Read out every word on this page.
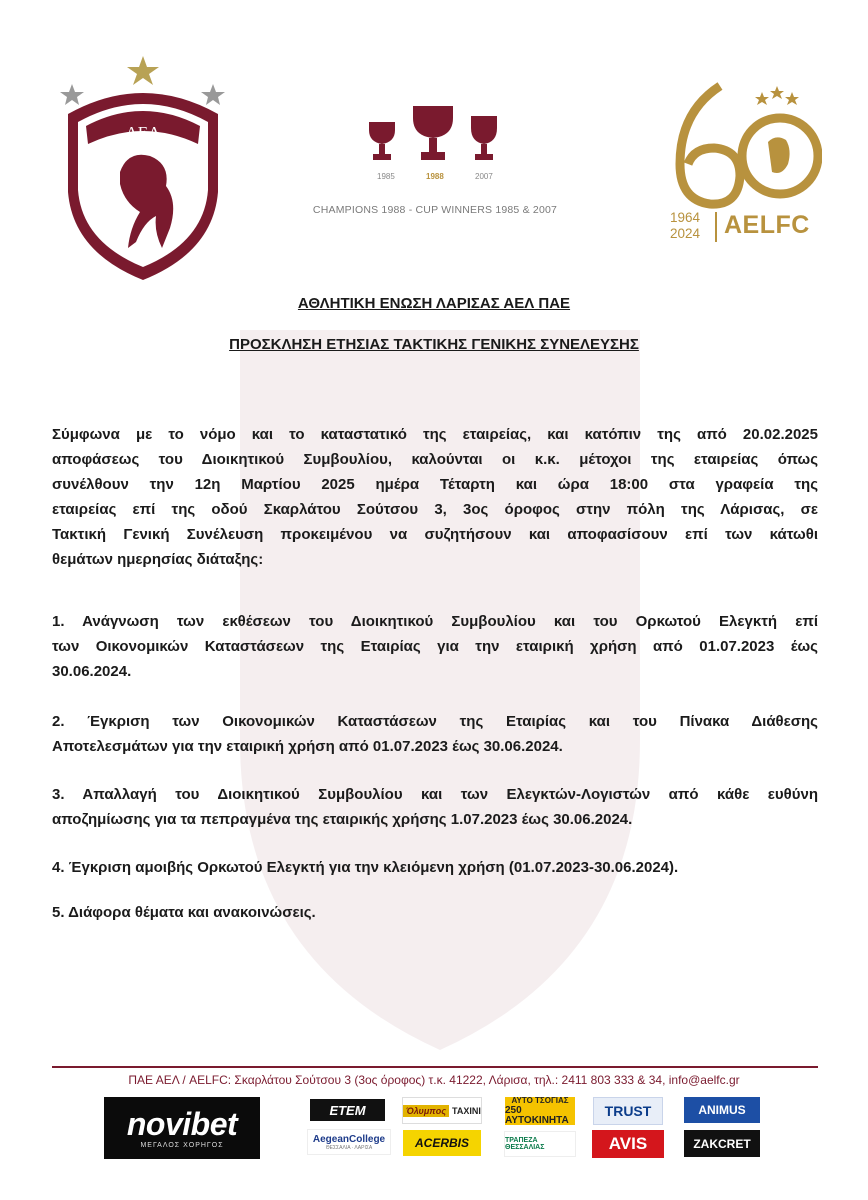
ΑΕΛ
1985	1988	2007
CHAMPIONS 1988 - CUP WINNERS 1985 & 2007	1964
2024 AELFC
ΑΘΛΗΤΙΚΗ ΕΝΩΣΗ ΛΑΡΙΣΑΣ ΑΕΛ ΠΑΕ
ΠΡΟΣΚΛΗΣΗ ΕΤΗΣΙΑΣ ΤΑΚΤΙΚΗΣ ΓΕΝΙΚΗΣ ΣΥΝΕΛΕΥΣΗΣ
Σύμφωνα με το νόμο και το καταστατικό της εταιρείας, και κατόπιν της από 20.02.2025
αποφάσεως του Διοικητικού Συμβουλίου, καλούνται οι κ.κ. μέτοχοι της εταιρείας όπως
συνέλθουν την 12η Μαρτίου 2025 ημέρα Τέταρτη και ώρα 18:00 στα γραφεία της
εταιρείας επί της οδού Σκαρλάτου Σούτσου 3, 3ος όροφος στην πόλη της Λάρισας, σε
Τακτική Γενική Συνέλευση προκειμένου να συζητήσουν και αποφασίσουν επί των κάτωθι
θεμάτων ημερησίας διάταξης:
1. Ανάγνωση των εκθέσεων του Διοικητικού Συμβουλίου και του Ορκωτού Ελεγκτή επί
των Οικονομικών Καταστάσεων της Εταιρίας για την εταιρική χρήση από 01.07.2023 έως
30.06.2024.
2. Έγκριση των Οικονομικών Καταστάσεων της Εταιρίας και του Πίνακα Διάθεσης
Αποτελεσμάτων για την εταιρική χρήση από 01.07.2023 έως 30.06.2024.
3. Απαλλαγή του Διοικητικού Συμβουλίου και των Ελεγκτών-Λογιστών από κάθε ευθύνη
αποζημίωσης για τα πεπραγμένα της εταιρικής χρήσης 1.07.2023 έως 30.06.2024.
4. Έγκριση αμοιβής Ορκωτού Ελεγκτή για την κλειόμενη χρήση (01.07.2023-30.06.2024).
5. Διάφορα θέματα και ανακοινώσεις.
ΠΑΕ ΑΕΛ / AELFC: Σκαρλάτου Σούτσου 3 (3ος όροφος) τ.κ. 41222, Λάρισα, τηλ.: 2411 803 333 & 34, info@aelfc.gr
novibet
ΜΕΓΑΛΟΣ ΧΟΡΗΓΟΣ
ETEM
AegeanCollege
ΘΕΣΣΑΛΙΑ · ΛΑΡΙΣΑ
Όλυμπος ΤΑΧΙΝΙ
ACERBIS
ΑΥΤΟ ΤΣΟΓΙΑΣ
250 ΑΥΤΟΚΙΝΗΤΑ
ΤΡΑΠΕΖΑ ΘΕΣΣΑΛΙΑΣ
TRUST
AVIS
ANIMUS
ZAKCRET
